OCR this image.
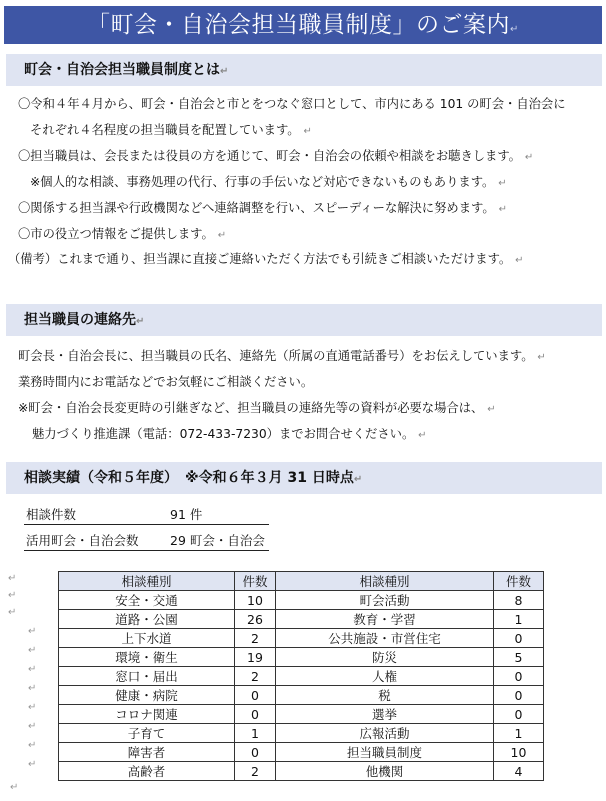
「町会・自治会担当職員制度」のご案内↵
町会・自治会担当職員制度とは↵
〇令和４年４月から、町会・自治会と市とをつなぐ窓口として、市内にある 101 の町会・自治会に
それぞれ４名程度の担当職員を配置しています。 ↵
〇担当職員は、会長または役員の方を通じて、町会・自治会の依頼や相談をお聴きします。 ↵
※個人的な相談、事務処理の代行、行事の手伝いなど対応できないものもあります。 ↵
〇関係する担当課や行政機関などへ連絡調整を行い、スピーディーな解決に努めます。 ↵
〇市の役立つ情報をご提供します。 ↵
（備考）これまで通り、担当課に直接ご連絡いただく方法でも引続きご相談いただけます。 ↵
担当職員の連絡先↵
町会長・自治会長に、担当職員の氏名、連絡先（所属の直通電話番号）をお伝えしています。 ↵
業務時間内にお電話などでお気軽にご相談ください。
※町会・自治会長変更時の引継ぎなど、担当職員の連絡先等の資料が必要な場合は、 ↵
魅力づくり推進課（電話：072-433-7230）までお問合せください。 ↵
相談実績（令和５年度）　※令和６年３月 31 日時点↵
相談件数	91 件
活用町会・自治会数	29 町会・自治会
相談種別	件数	相談種別	件数
安全・交通	10	町会活動	8
道路・公園	26	教育・学習	1
上下水道	2	公共施設・市営住宅	0
環境・衛生	19	防災	5
窓口・届出	2	人権	0
健康・病院	0	税	0
コロナ関連	0	選挙	0
子育て	1	広報活動	1
障害者	0	担当職員制度	10
高齢者	2	他機関	4
↵
↵
↵
↵
↵
↵
↵
↵
↵
↵
↵
↵
